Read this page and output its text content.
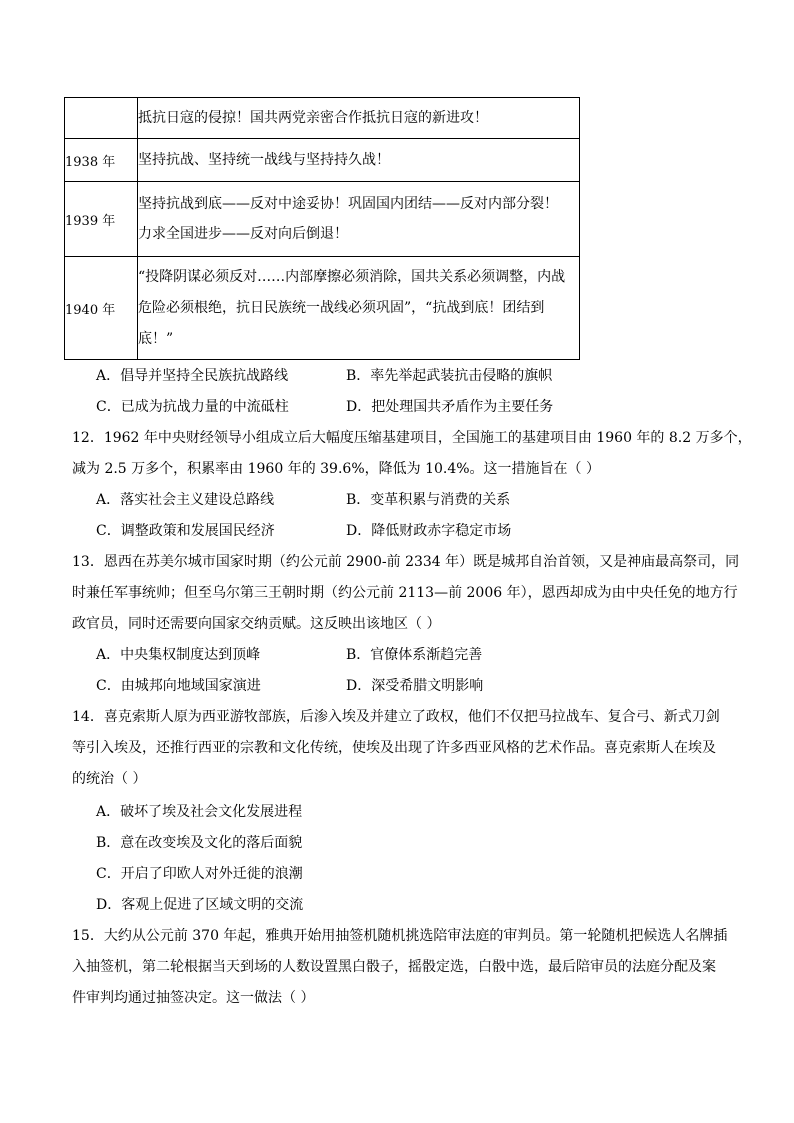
	抵抗日寇的侵掠！国共两党亲密合作抵抗日寇的新进攻！

1938 年	坚持抗战、坚持统一战线与坚持持久战！

1939 年	坚持抗战到底——反对中途妥协！巩固国内团结——反对内部分裂！
力求全国进步——反对向后倒退！

1940 年	“投降阴谋必须反对……内部摩擦必须消除，国共关系必须调整，内战
危险必须根绝，抗日民族统一战线必须巩固”，“抗战到底！团结到
底！”
A．倡导并坚持全民族抗战路线	B．率先举起武装抗击侵略的旗帜
C．已成为抗战力量的中流砥柱	D．把处理国共矛盾作为主要任务
12．1962 年中央财经领导小组成立后大幅度压缩基建项目，全国施工的基建项目由 1960 年的 8.2 万多个，
减为 2.5 万多个，积累率由 1960 年的 39.6%，降低为 10.4%。这一措施旨在（ ）
A．落实社会主义建设总路线	B．变革积累与消费的关系
C．调整政策和发展国民经济	D．降低财政赤字稳定市场
13．恩西在苏美尔城市国家时期（约公元前 2900-前 2334 年）既是城邦自治首领，又是神庙最高祭司，同
时兼任军事统帅；但至乌尔第三王朝时期（约公元前 2113—前 2006 年），恩西却成为由中央任免的地方行
政官员，同时还需要向国家交纳贡赋。这反映出该地区（ ）
A．中央集权制度达到顶峰	B．官僚体系渐趋完善
C．由城邦向地域国家演进	D．深受希腊文明影响
14．喜克索斯人原为西亚游牧部族，后渗入埃及并建立了政权，他们不仅把马拉战车、复合弓、新式刀剑
等引入埃及，还推行西亚的宗教和文化传统，使埃及出现了许多西亚风格的艺术作品。喜克索斯人在埃及
的统治（ ）
A．破坏了埃及社会文化发展进程
B．意在改变埃及文化的落后面貌
C．开启了印欧人对外迁徙的浪潮
D．客观上促进了区域文明的交流
15．大约从公元前 370 年起，雅典开始用抽签机随机挑选陪审法庭的审判员。第一轮随机把候选人名牌插
入抽签机，第二轮根据当天到场的人数设置黑白骰子，摇骰定选，白骰中选，最后陪审员的法庭分配及案
件审判均通过抽签决定。这一做法（ ）
